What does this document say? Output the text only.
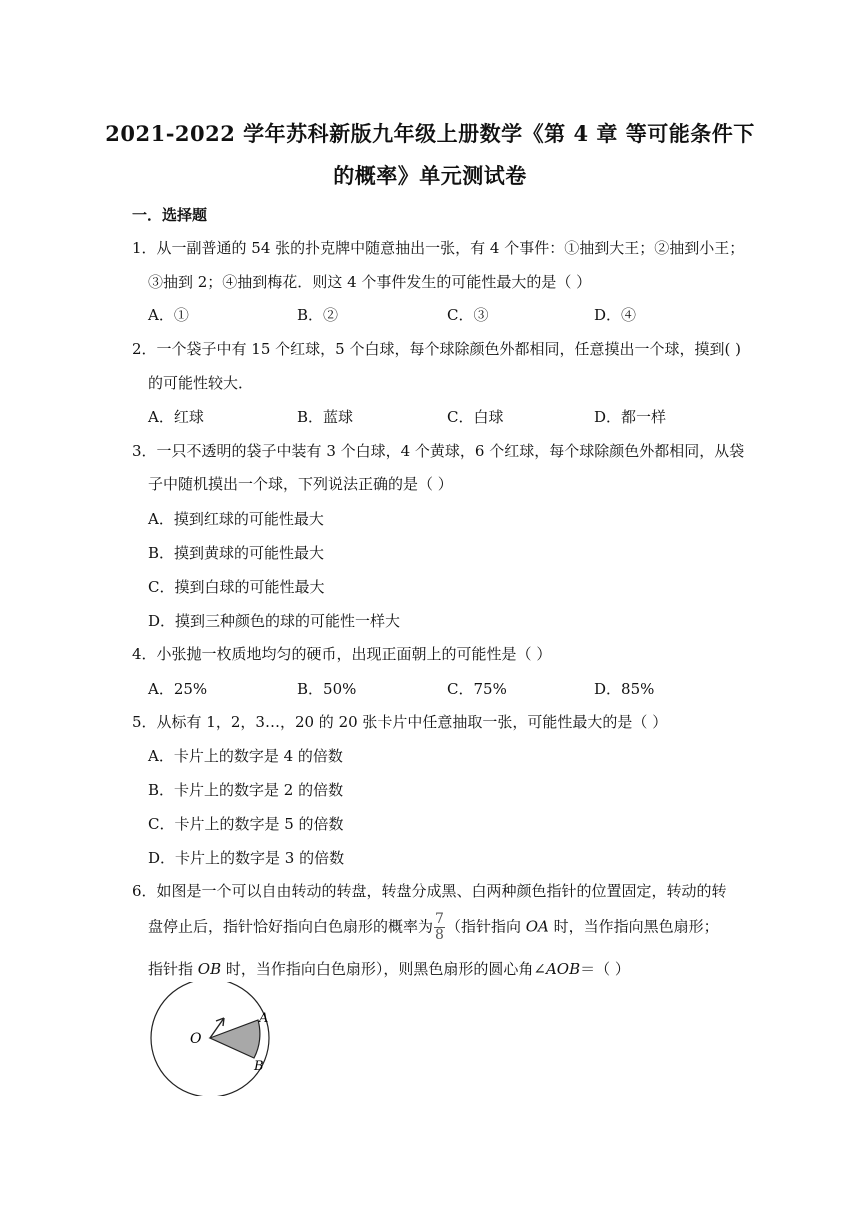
2021-2022 学年苏科新版九年级上册数学《第 4 章 等可能条件下
的概率》单元测试卷
一．选择题
1．从一副普通的 54 张的扑克牌中随意抽出一张，有 4 个事件：①抽到大王；②抽到小王；
③抽到 2；④抽到梅花．则这 4 个事件发生的可能性最大的是（ ）
A．①	B．②	C．③	D．④
2．一个袋子中有 15 个红球，5 个白球，每个球除颜色外都相同，任意摸出一个球，摸到( )
的可能性较大．
A．红球	B．蓝球	C．白球	D．都一样
3．一只不透明的袋子中装有 3 个白球，4 个黄球，6 个红球，每个球除颜色外都相同，从袋
子中随机摸出一个球，下列说法正确的是（ ）
A．摸到红球的可能性最大
B．摸到黄球的可能性最大
C．摸到白球的可能性最大
D．摸到三种颜色的球的可能性一样大
4．小张抛一枚质地均匀的硬币，出现正面朝上的可能性是（ ）
A．25%	B．50%	C．75%	D．85%
5．从标有 1，2，3…，20 的 20 张卡片中任意抽取一张，可能性最大的是（ ）
A．卡片上的数字是 4 的倍数
B．卡片上的数字是 2 的倍数
C．卡片上的数字是 5 的倍数
D．卡片上的数字是 3 的倍数
6．如图是一个可以自由转动的转盘，转盘分成黑、白两种颜色指针的位置固定，转动的转
盘停止后，指针恰好指向白色扇形的概率为 $\frac{7}{8}$ （指针指向 OA 时，当作指向黑色扇形；
指针指 OB 时，当作指向白色扇形），则黑色扇形的圆心角∠AOB＝（ ）
O
A
B
